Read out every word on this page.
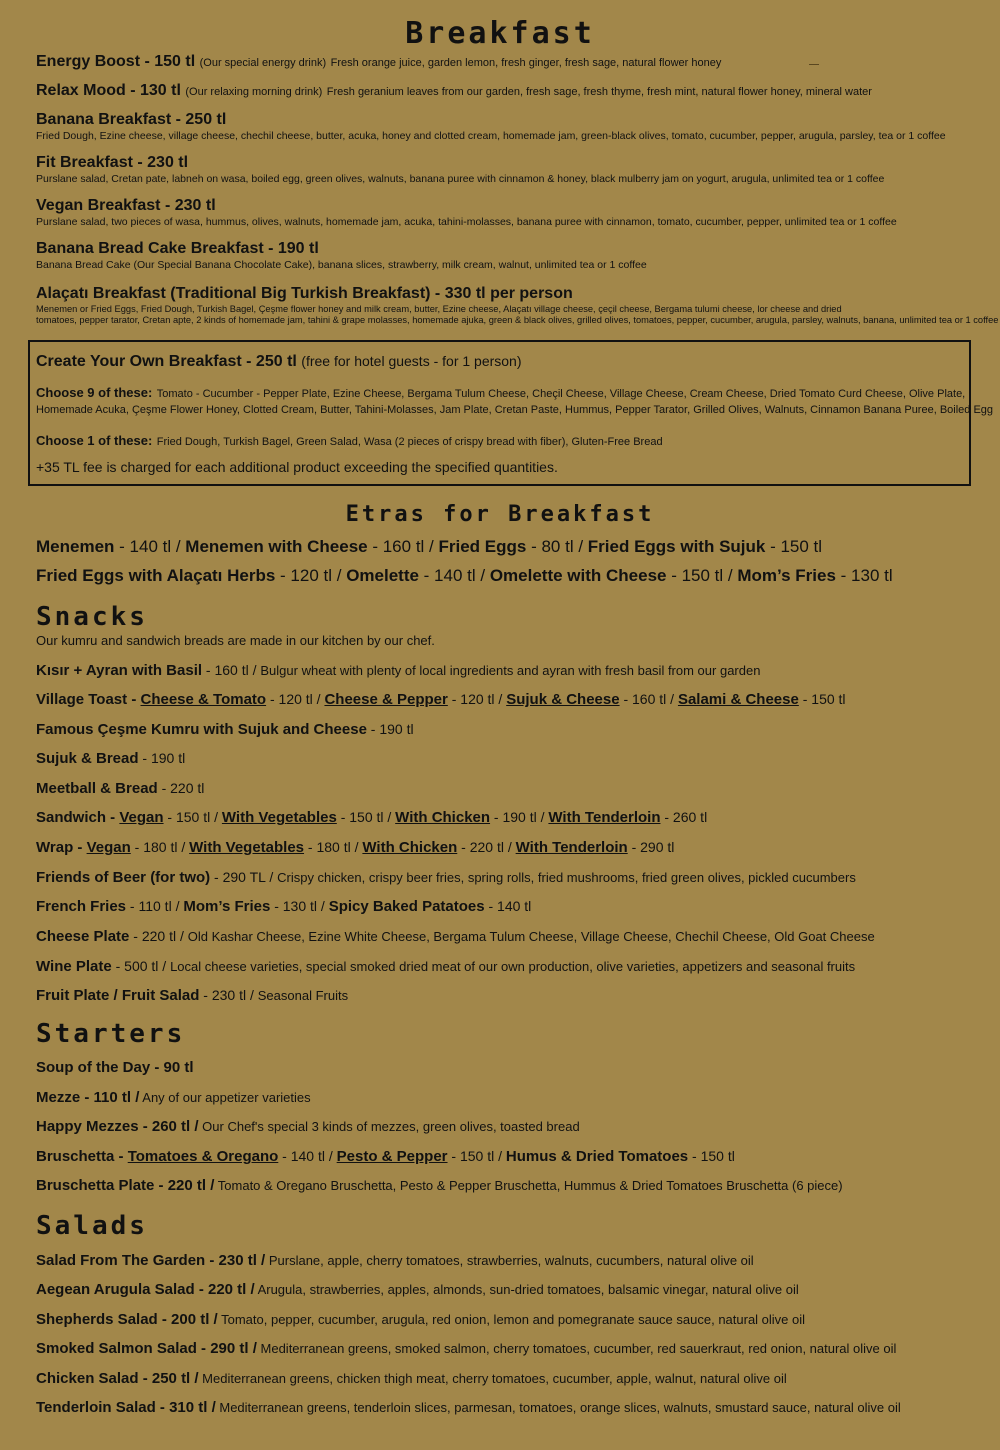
Breakfast
Energy Boost - 150 tl (Our special energy drink) Fresh orange juice, garden lemon, fresh ginger, fresh sage, natural flower honey
Relax Mood - 130 tl (Our relaxing morning drink) Fresh geranium leaves from our garden, fresh sage, fresh thyme, fresh mint, natural flower honey, mineral water
Banana Breakfast - 250 tl
Fried Dough, Ezine cheese, village cheese, chechil cheese, butter, acuka, honey and clotted cream, homemade jam, green-black olives, tomato, cucumber, pepper, arugula, parsley, tea or 1 coffee
Fit Breakfast - 230 tl
Purslane salad, Cretan pate, labneh on wasa, boiled egg, green olives, walnuts, banana puree with cinnamon & honey, black mulberry jam on yogurt, arugula, unlimited tea or 1 coffee
Vegan Breakfast - 230 tl
Purslane salad, two pieces of wasa, hummus, olives, walnuts, homemade jam, acuka, tahini-molasses, banana puree with cinnamon, tomato, cucumber, pepper, unlimited tea or 1 coffee
Banana Bread Cake Breakfast - 190 tl
Banana Bread Cake (Our Special Banana Chocolate Cake), banana slices, strawberry, milk cream, walnut, unlimited tea or 1 coffee
Alaçatı Breakfast (Traditional Big Turkish Breakfast) - 330 tl per person
Menemen or Fried Eggs, Fried Dough, Turkish Bagel, Çeşme flower honey and milk cream, butter, Ezine cheese, Alaçatı village cheese, çeçil cheese, Bergama tulumi cheese, lor cheese and dried
tomatoes, pepper tarator, Cretan apte, 2 kinds of homemade jam, tahini & grape molasses, homemade ajuka, green & black olives, grilled olives, tomatoes, pepper, cucumber, arugula, parsley, walnuts, banana, unlimited tea or 1 coffee
Create Your Own Breakfast - 250 tl (free for hotel guests - for 1 person)
Choose 9 of these: Tomato - Cucumber - Pepper Plate, Ezine Cheese, Bergama Tulum Cheese, Cheçil Cheese, Village Cheese, Cream Cheese, Dried Tomato Curd Cheese, Olive Plate,
Homemade Acuka, Çeşme Flower Honey, Clotted Cream, Butter, Tahini-Molasses, Jam Plate, Cretan Paste, Hummus, Pepper Tarator, Grilled Olives, Walnuts, Cinnamon Banana Puree, Boiled Egg
Choose 1 of these: Fried Dough, Turkish Bagel, Green Salad, Wasa (2 pieces of crispy bread with fiber), Gluten-Free Bread
+35 TL fee is charged for each additional product exceeding the specified quantities.
Etras for Breakfast
Menemen - 140 tl / Menemen with Cheese - 160 tl / Fried Eggs - 80 tl / Fried Eggs with Sujuk - 150 tl
Fried Eggs with Alaçatı Herbs - 120 tl / Omelette - 140 tl / Omelette with Cheese - 150 tl / Mom’s Fries - 130 tl
Snacks
Our kumru and sandwich breads are made in our kitchen by our chef.
Kısır + Ayran with Basil - 160 tl / Bulgur wheat with plenty of local ingredients and ayran with fresh basil from our garden
Village Toast - Cheese & Tomato - 120 tl / Cheese & Pepper - 120 tl / Sujuk & Cheese - 160 tl / Salami & Cheese - 150 tl
Famous Çeşme Kumru with Sujuk and Cheese - 190 tl
Sujuk & Bread - 190 tl
Meetball & Bread - 220 tl
Sandwich - Vegan - 150 tl / With Vegetables - 150 tl / With Chicken - 190 tl / With Tenderloin - 260 tl
Wrap - Vegan - 180 tl / With Vegetables - 180 tl / With Chicken - 220 tl / With Tenderloin - 290 tl
Friends of Beer (for two) - 290 TL / Crispy chicken, crispy beer fries, spring rolls, fried mushrooms, fried green olives, pickled cucumbers
French Fries - 110 tl / Mom’s Fries - 130 tl / Spicy Baked Patatoes - 140 tl
Cheese Plate - 220 tl / Old Kashar Cheese, Ezine White Cheese, Bergama Tulum Cheese, Village Cheese, Chechil Cheese, Old Goat Cheese
Wine Plate - 500 tl / Local cheese varieties, special smoked dried meat of our own production, olive varieties, appetizers and seasonal fruits
Fruit Plate / Fruit Salad - 230 tl / Seasonal Fruits
Starters
Soup of the Day - 90 tl
Mezze - 110 tl / Any of our appetizer varieties
Happy Mezzes - 260 tl / Our Chef's special 3 kinds of mezzes, green olives, toasted bread
Bruschetta - Tomatoes & Oregano - 140 tl / Pesto & Pepper - 150 tl / Humus & Dried Tomatoes - 150 tl
Bruschetta Plate - 220 tl / Tomato & Oregano Bruschetta, Pesto & Pepper Bruschetta, Hummus & Dried Tomatoes Bruschetta (6 piece)
Salads
Salad From The Garden - 230 tl / Purslane, apple, cherry tomatoes, strawberries, walnuts, cucumbers, natural olive oil
Aegean Arugula Salad - 220 tl / Arugula, strawberries, apples, almonds, sun-dried tomatoes, balsamic vinegar, natural olive oil
Shepherds Salad - 200 tl / Tomato, pepper, cucumber, arugula, red onion, lemon and pomegranate sauce sauce, natural olive oil
Smoked Salmon Salad - 290 tl / Mediterranean greens, smoked salmon, cherry tomatoes, cucumber, red sauerkraut, red onion, natural olive oil
Chicken Salad - 250 tl / Mediterranean greens, chicken thigh meat, cherry tomatoes, cucumber, apple, walnut, natural olive oil
Tenderloin Salad - 310 tl / Mediterranean greens, tenderloin slices, parmesan, tomatoes, orange slices, walnuts, smustard sauce, natural olive oil
